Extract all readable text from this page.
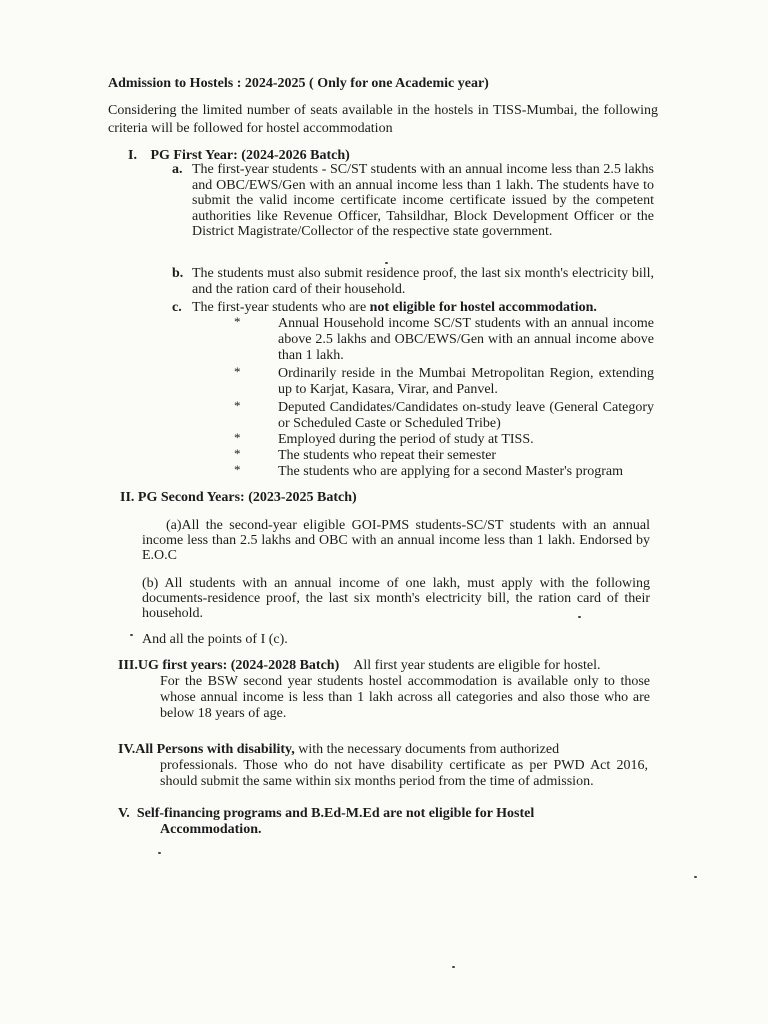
Admission to Hostels : 2024-2025 ( Only for one Academic year)
Considering the limited number of seats available in the hostels in TISS-Mumbai, the following criteria will be followed for hostel accommodation
I. PG First Year: (2024-2026 Batch)
a. The first-year students - SC/ST students with an annual income less than 2.5 lakhs and OBC/EWS/Gen with an annual income less than 1 lakh. The students have to submit the valid income certificate income certificate issued by the competent authorities like Revenue Officer, Tahsildhar, Block Development Officer or the District Magistrate/Collector of the respective state government.
b. The students must also submit residence proof, the last six month's electricity bill, and the ration card of their household.
c. The first-year students who are not eligible for hostel accommodation.
*	Annual Household income SC/ST students with an annual income above 2.5 lakhs and OBC/EWS/Gen with an annual income above than 1 lakh.
*	Ordinarily reside in the Mumbai Metropolitan Region, extending up to Karjat, Kasara, Virar, and Panvel.
*	Deputed Candidates/Candidates on-study leave (General Category or Scheduled Caste or Scheduled Tribe)
*	Employed during the period of study at TISS.
*	The students who repeat their semester
*	The students who are applying for a second Master's program
II. PG Second Years: (2023-2025 Batch)
(a)All the second-year eligible GOI-PMS students-SC/ST students with an annual income less than 2.5 lakhs and OBC with an annual income less than 1 lakh. Endorsed by E.O.C
(b) All students with an annual income of one lakh, must apply with the following documents-residence proof, the last six month's electricity bill, the ration card of their household.
And all the points of I (c).
III.UG first years: (2024-2028 Batch) All first year students are eligible for hostel.
For the BSW second year students hostel accommodation is available only to those whose annual income is less than 1 lakh across all categories and also those who are below 18 years of age.
IV.All Persons with disability, with the necessary documents from authorized
professionals. Those who do not have disability certificate as per PWD Act 2016, should submit the same within six months period from the time of admission.
V. Self-financing programs and B.Ed-M.Ed are not eligible for Hostel
Accommodation.
